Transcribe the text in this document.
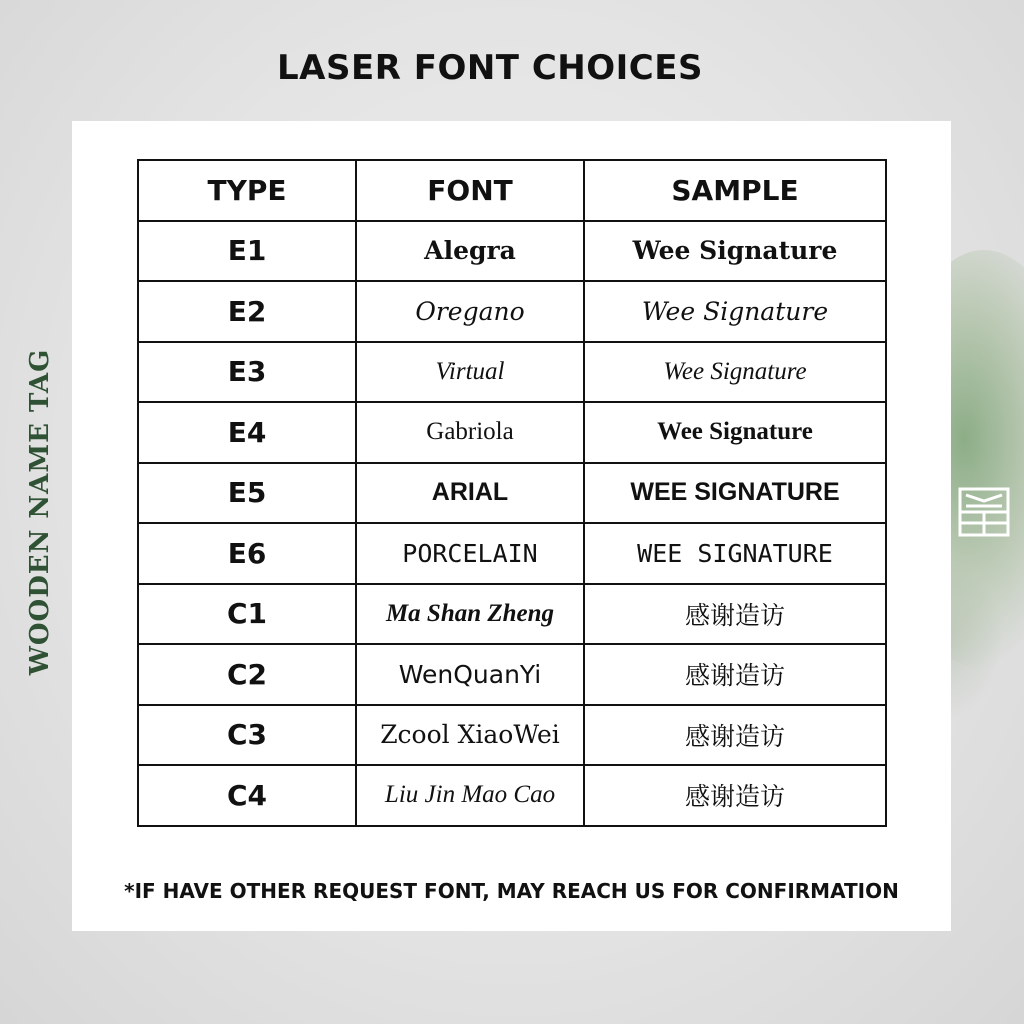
LASER FONT CHOICES
WOODEN NAME TAG
TYPE	FONT	SAMPLE
E1	Alegra	Wee Signature
E2	Oregano	Wee Signature
E3	Virtual	Wee Signature
E4	Gabriola	Wee Signature
E5	ARIAL	WEE SIGNATURE
E6	PORCELAIN	WEE SIGNATURE
C1	Ma Shan Zheng	感谢造访
C2	WenQuanYi	感谢造访
C3	Zcool XiaoWei	感谢造访
C4	Liu Jin Mao Cao	感谢造访
*IF HAVE OTHER REQUEST FONT, MAY REACH US FOR CONFIRMATION
